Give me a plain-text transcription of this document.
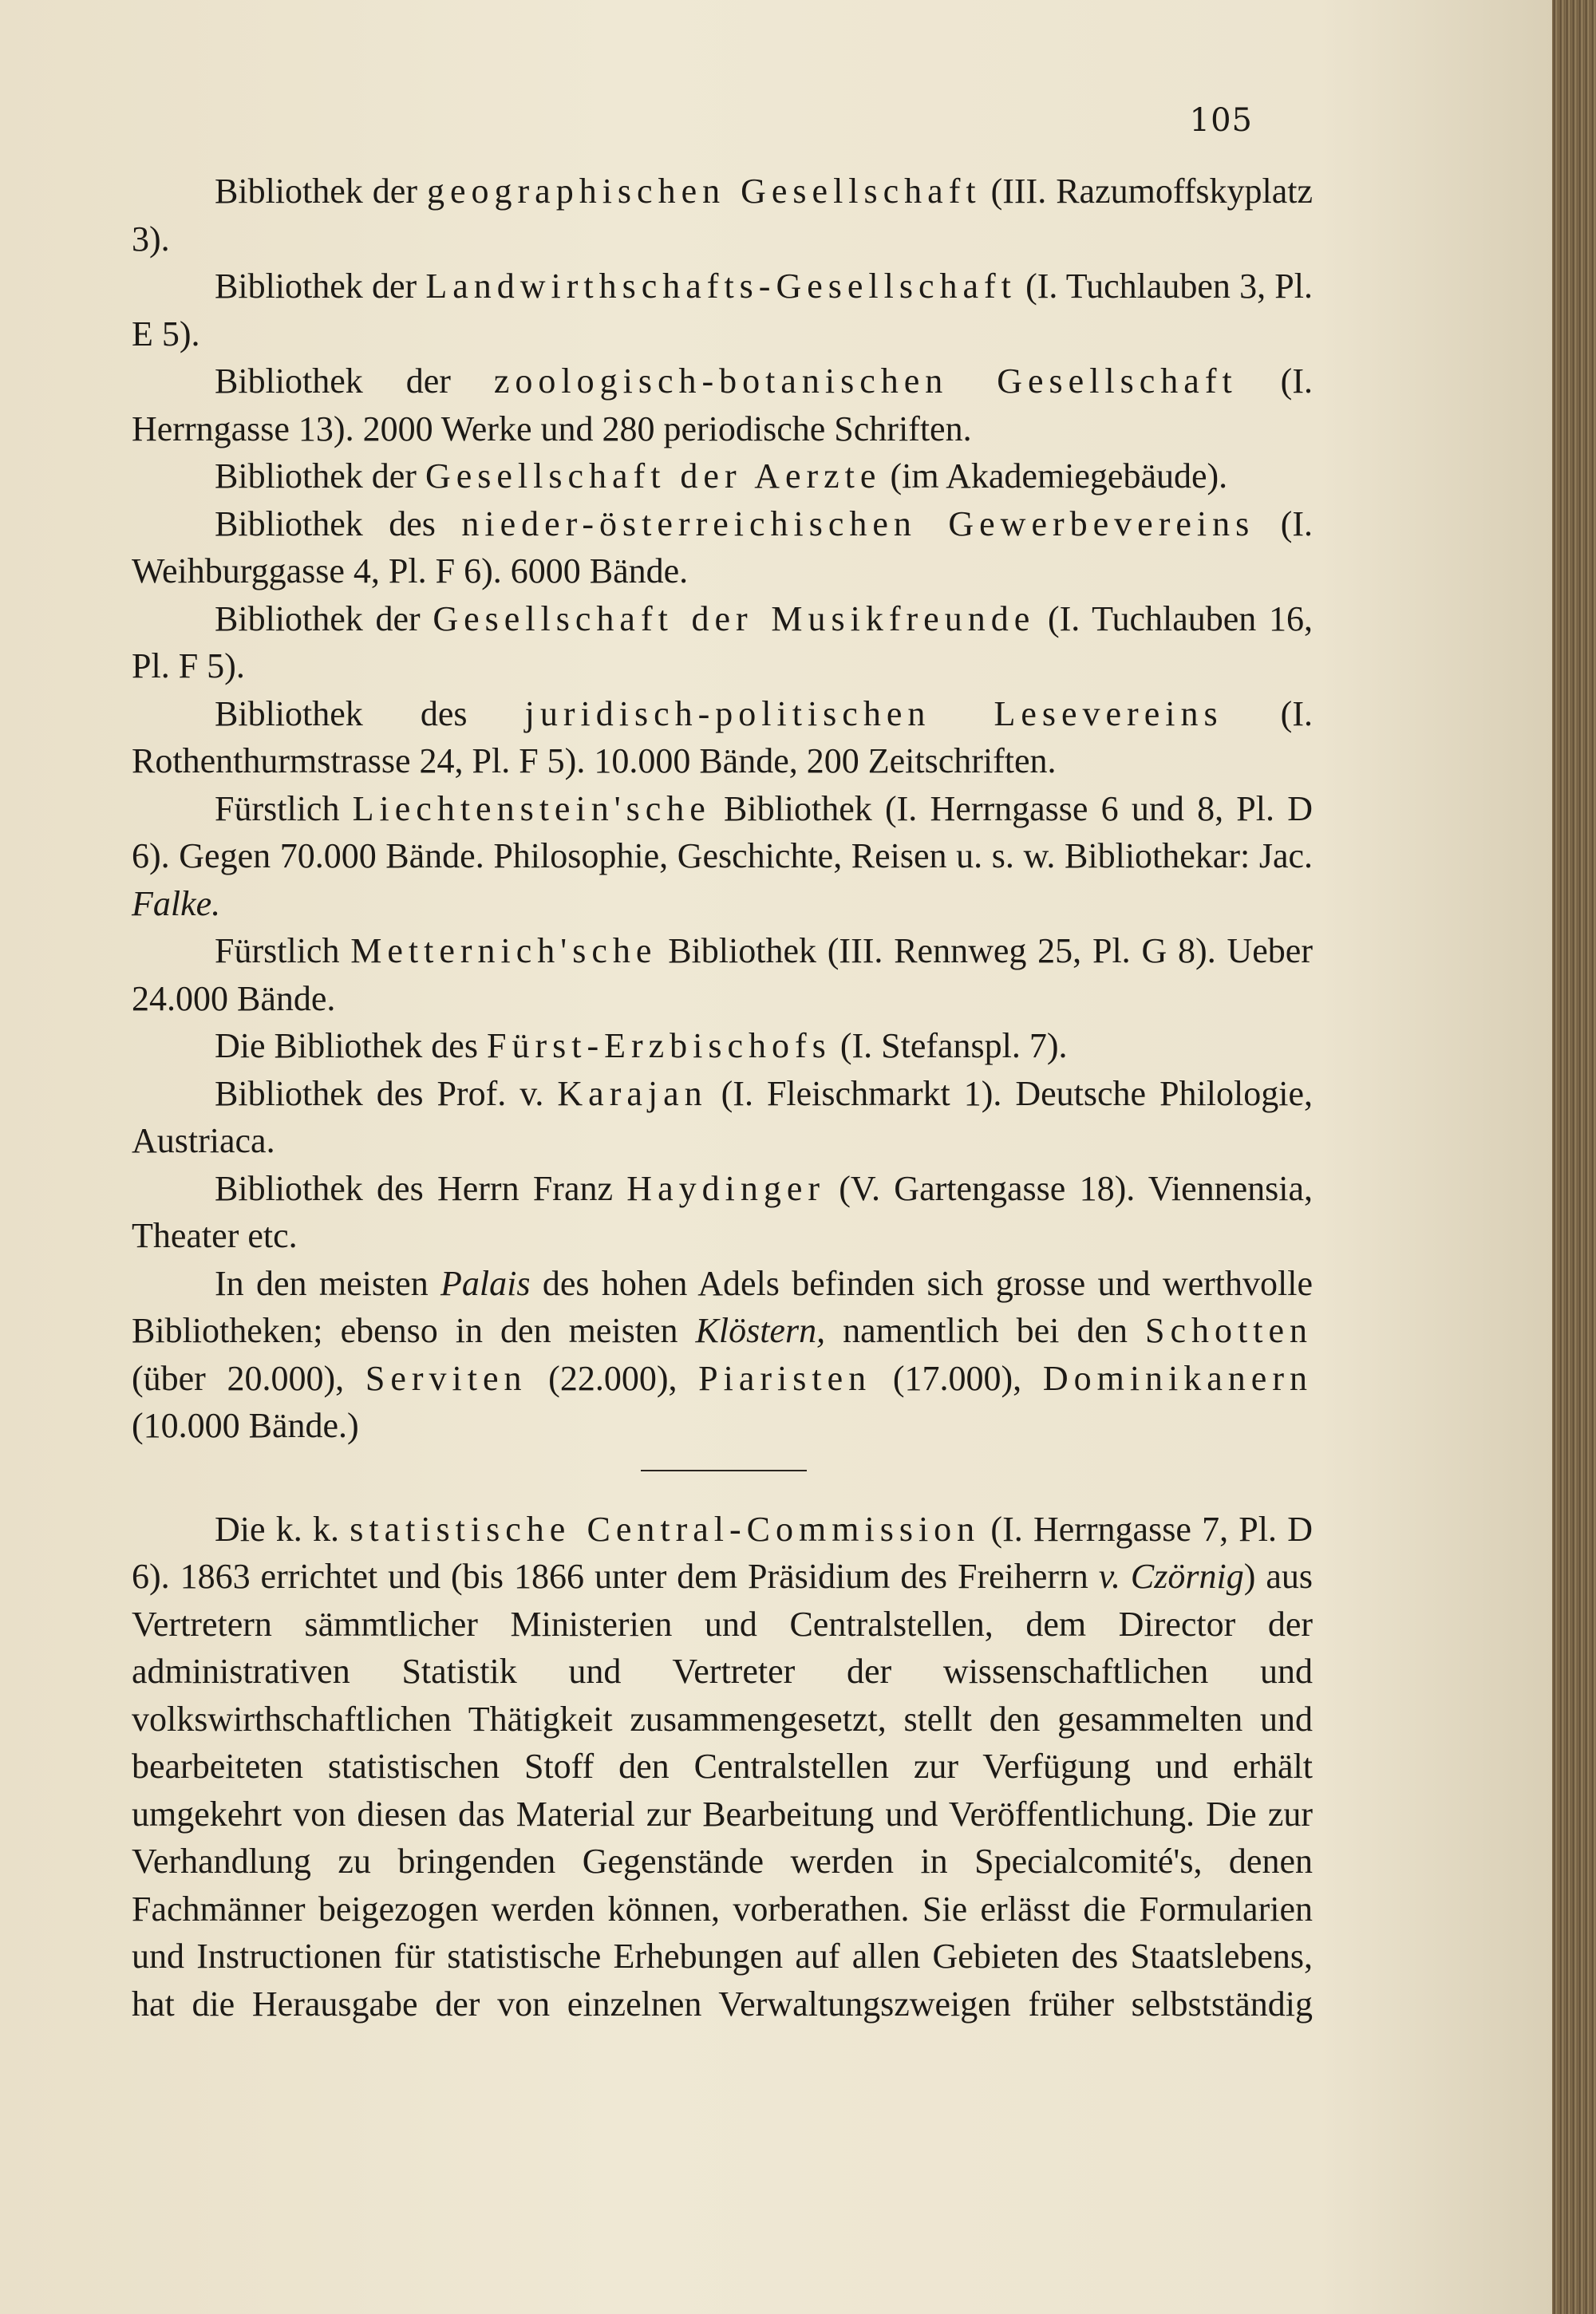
105

Bibliothek der geographischen Gesellschaft (III. Razumoffskyplatz 3).

Bibliothek der Landwirthschafts-Gesellschaft (I. Tuchlauben 3, Pl. E 5).

Bibliothek der zoologisch-botanischen Gesellschaft (I. Herrngasse 13). 2000 Werke und 280 periodische Schriften.

Bibliothek der Gesellschaft der Aerzte (im Akademiegebäude).

Bibliothek des nieder-österreichischen Gewerbevereins (I. Weihburggasse 4, Pl. F 6). 6000 Bände.

Bibliothek der Gesellschaft der Musikfreunde (I. Tuchlauben 16, Pl. F 5).

Bibliothek des juridisch-politischen Lesevereins (I. Rothenthurmstrasse 24, Pl. F 5). 10.000 Bände, 200 Zeitschriften.

Fürstlich Liechtenstein'sche Bibliothek (I. Herrngasse 6 und 8, Pl. D 6). Gegen 70.000 Bände. Philosophie, Geschichte, Reisen u. s. w. Bibliothekar: Jac. Falke.

Fürstlich Metternich'sche Bibliothek (III. Rennweg 25, Pl. G 8). Ueber 24.000 Bände.

Die Bibliothek des Fürst-Erzbischofs (I. Stefanspl. 7).

Bibliothek des Prof. v. Karajan (I. Fleischmarkt 1). Deutsche Philologie, Austriaca.

Bibliothek des Herrn Franz Haydinger (V. Gartengasse 18). Viennensia, Theater etc.

In den meisten Palais des hohen Adels befinden sich grosse und werthvolle Bibliotheken; ebenso in den meisten Klöstern, namentlich bei den Schotten (über 20.000), Serviten (22.000), Piaristen (17.000), Dominikanern (10.000 Bände.)

Die k. k. statistische Central-Commission (I. Herrngasse 7, Pl. D 6). 1863 errichtet und (bis 1866 unter dem Präsidium des Freiherrn v. Czörnig) aus Vertretern sämmtlicher Ministerien und Centralstellen, dem Director der administrativen Statistik und Vertreter der wissenschaftlichen und volkswirthschaftlichen Thätigkeit zusammengesetzt, stellt den gesammelten und bearbeiteten statistischen Stoff den Centralstellen zur Verfügung und erhält umgekehrt von diesen das Material zur Bearbeitung und Veröffentlichung. Die zur Verhandlung zu bringenden Gegenstände werden in Specialcomité's, denen Fachmänner beigezogen werden können, vorberathen. Sie erlässt die Formularien und Instructionen für statistische Erhebungen auf allen Gebieten des Staatslebens, hat die Herausgabe der von einzelnen Verwaltungszweigen früher selbstständig
